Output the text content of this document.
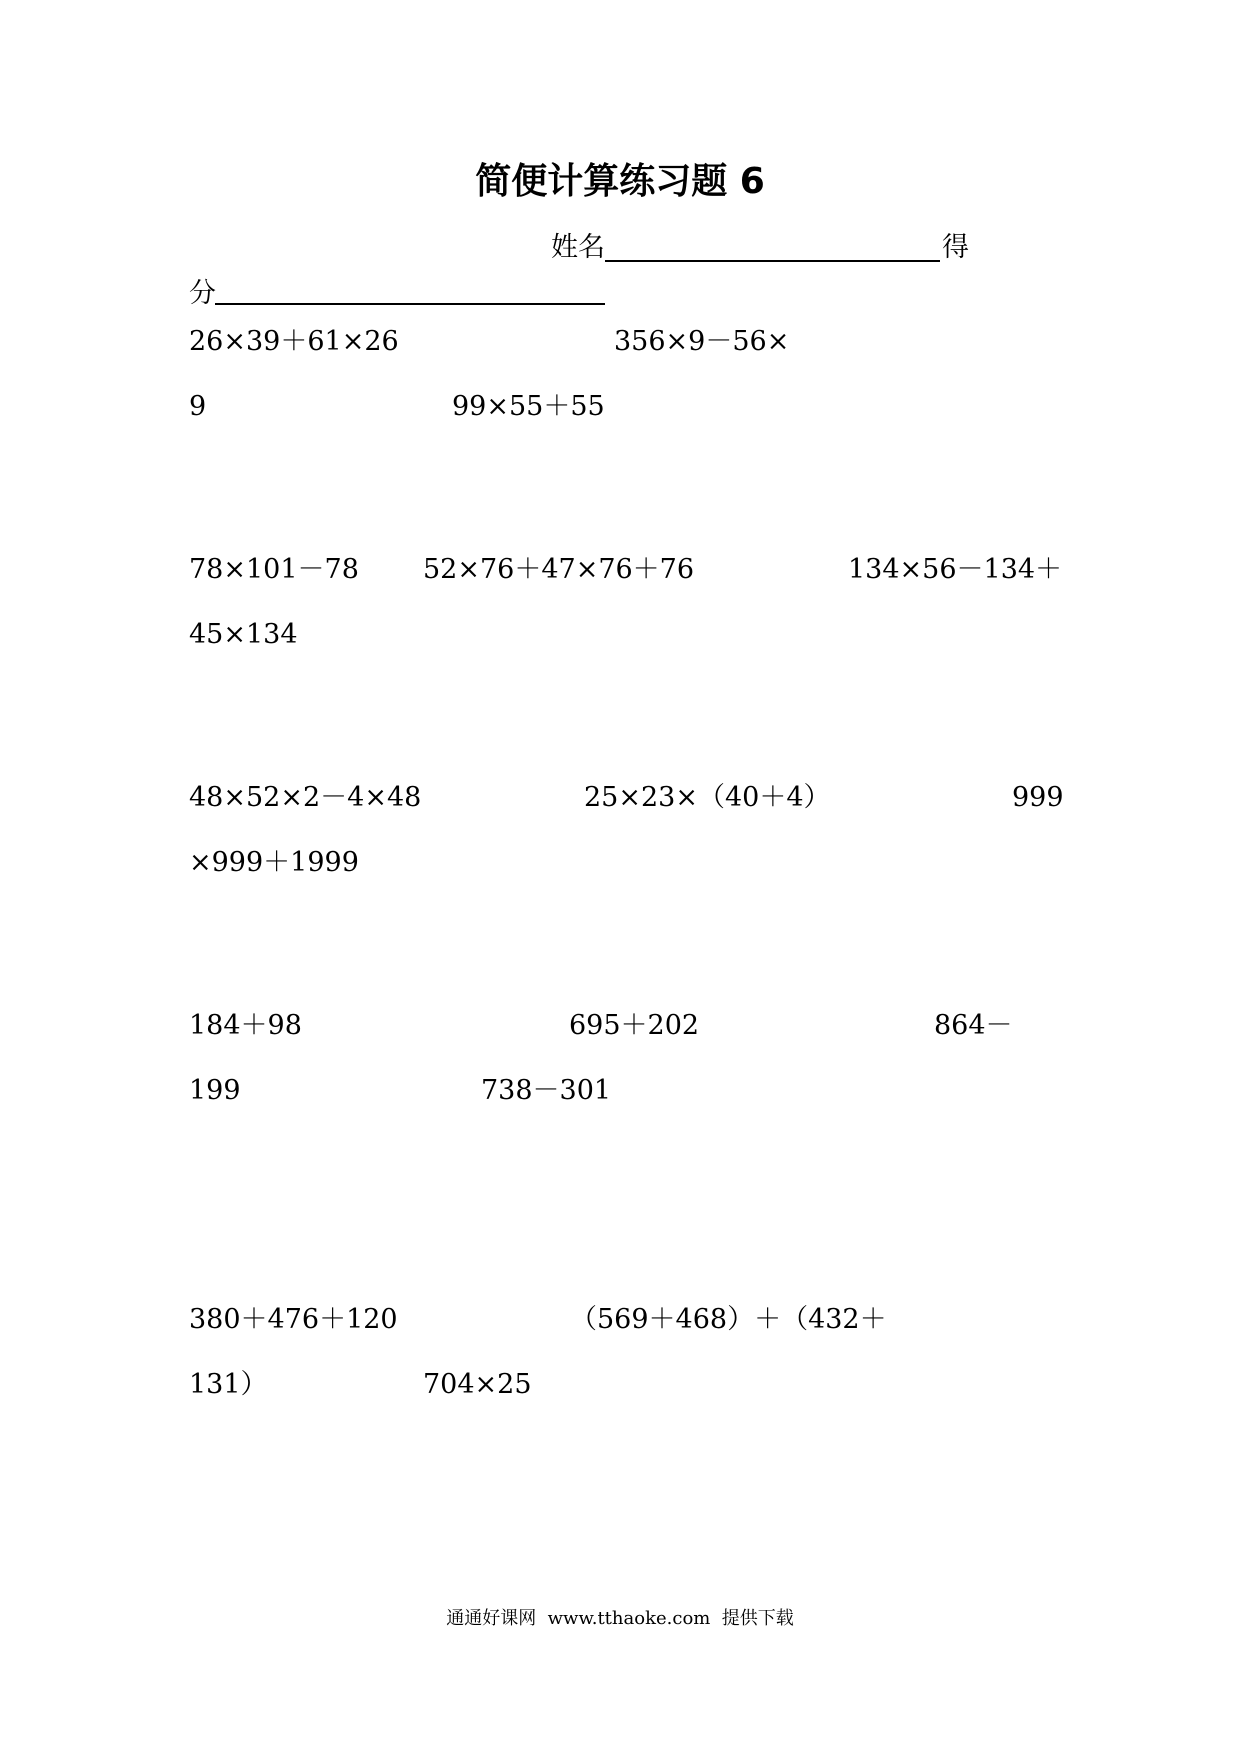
简便计算练习题 6
姓名	得
分
26×39＋61×26	356×9－56×
9	99×55＋55
78×101－78 52×76＋47×76＋76	134×56－134＋
45×134
48×52×2－4×48	25×23×（40＋4）	999
×999＋1999
184＋98	695＋202	864－
199	738－301
380＋476＋120	（569＋468）＋（432＋
131）	704×25
通通好课网  www.tthaoke.com  提供下载
